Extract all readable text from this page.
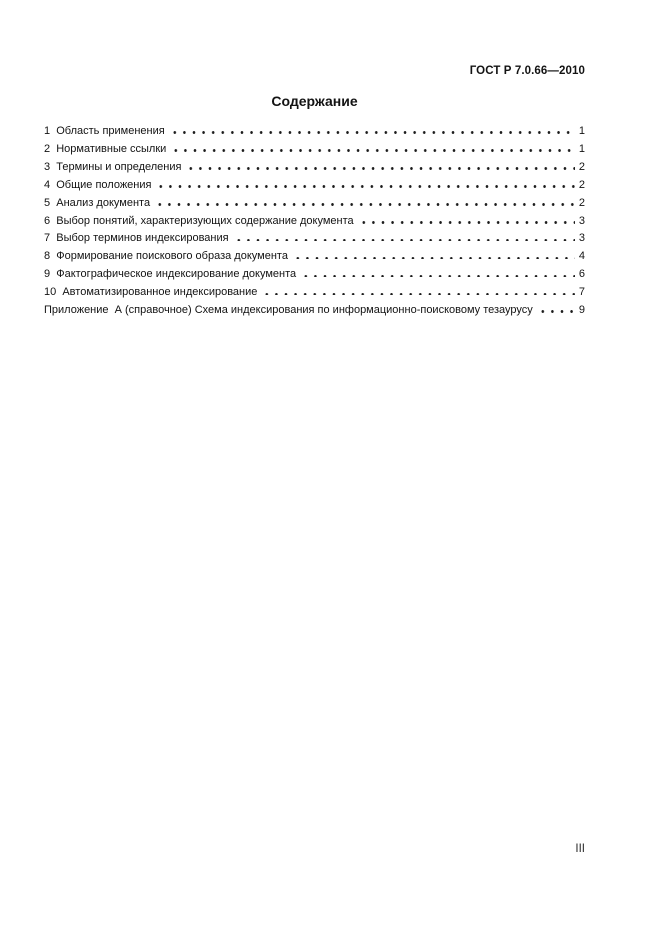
ГОСТ Р 7.0.66—2010
Содержание
1  Область применения	1
2  Нормативные ссылки	1
3  Термины и определения	2
4  Общие положения	2
5  Анализ документа	2
6  Выбор понятий, характеризующих содержание документа	3
7  Выбор терминов индексирования	3
8  Формирование поискового образа документа	4
9  Фактографическое индексирование документа	6
10  Автоматизированное индексирование	7
Приложение  А (справочное) Схема индексирования по информационно-поисковому тезаурусу	9
III
